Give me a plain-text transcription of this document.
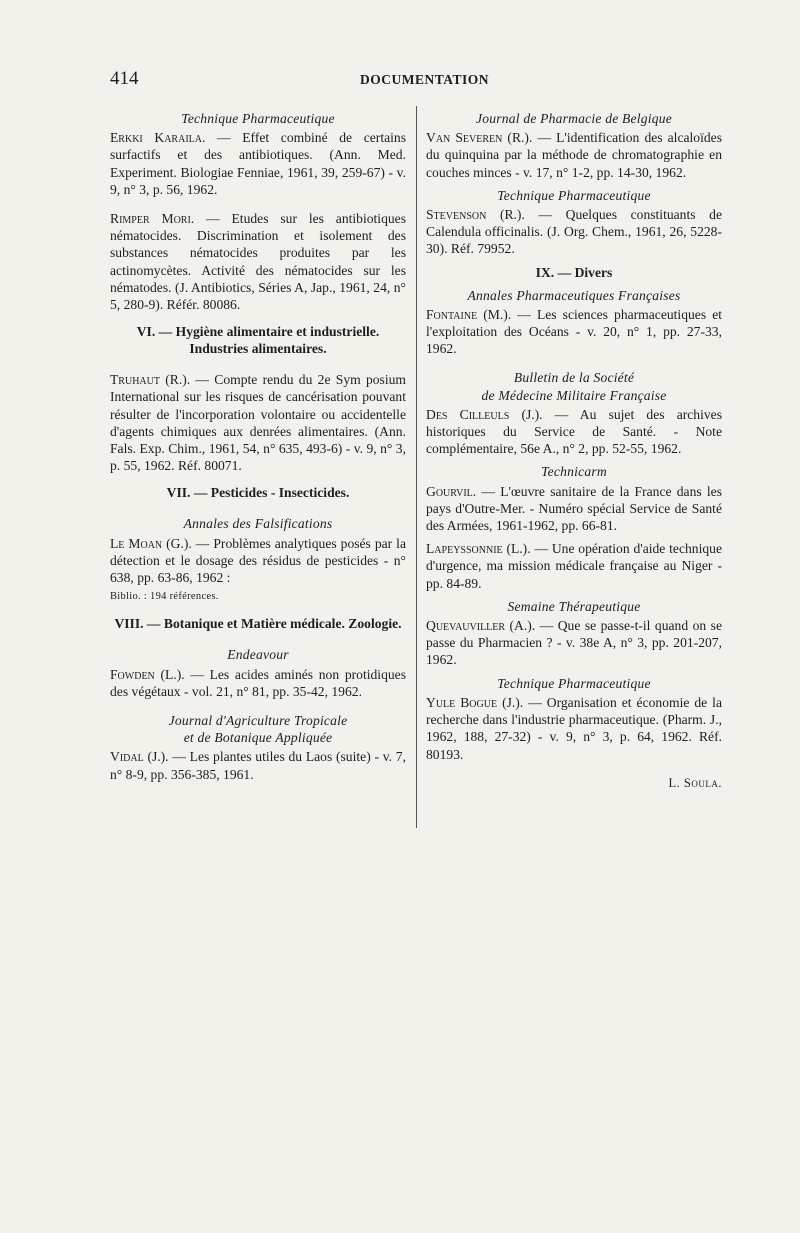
414	DOCUMENTATION
Technique Pharmaceutique
Erkki Karaila. — Effet combiné de certains surfactifs et des antibiotiques. (Ann. Med. Experiment. Biologiae Fenniae, 1961, 39, 259-67) - v. 9, n° 3, p. 56, 1962.
Rimper Mori. — Etudes sur les antibiotiques nématocides. Discrimination et isolement des substances nématocides produites par les actinomycètes. Activité des nématocides sur les nématodes. (J. Antibiotics, Séries A, Jap., 1961, 24, n° 5, 280-9). Référ. 80086.
VI. — Hygiène alimentaire et industrielle. Industries alimentaires.
Truhaut (R.). — Compte rendu du 2e Sym posium International sur les risques de cancérisation pouvant résulter de l'incorporation volontaire ou accidentelle d'agents chimiques aux denrées alimentaires. (Ann. Fals. Exp. Chim., 1961, 54, n° 635, 493-6) - v. 9, n° 3, p. 55, 1962. Réf. 80071.
VII. — Pesticides - Insecticides.
Annales des Falsifications
Le Moan (G.). — Problèmes analytiques posés par la détection et le dosage des résidus de pesticides - n° 638, pp. 63-86, 1962 :
Biblio. : 194 références.
VIII. — Botanique et Matière médicale. Zoologie.
Endeavour
Fowden (L.). — Les acides aminés non protidiques des végétaux - vol. 21, n° 81, pp. 35-42, 1962.
Journal d'Agriculture Tropicale
et de Botanique Appliquée
Vidal (J.). — Les plantes utiles du Laos (suite) - v. 7, n° 8-9, pp. 356-385, 1961.
Journal de Pharmacie de Belgique
Van Severen (R.). — L'identification des alcaloïdes du quinquina par la méthode de chromatographie en couches minces - v. 17, n° 1-2, pp. 14-30, 1962.
Technique Pharmaceutique
Stevenson (R.). — Quelques constituants de Calendula officinalis. (J. Org. Chem., 1961, 26, 5228-30). Réf. 79952.
IX. — Divers
Annales Pharmaceutiques Françaises
Fontaine (M.). — Les sciences pharmaceutiques et l'exploitation des Océans - v. 20, n° 1, pp. 27-33, 1962.
Bulletin de la Société
de Médecine Militaire Française
Des Cilleuls (J.). — Au sujet des archives historiques du Service de Santé. - Note complémentaire, 56e A., n° 2, pp. 52-55, 1962.
Technicarm
Gourvil. — L'œuvre sanitaire de la France dans les pays d'Outre-Mer. - Numéro spécial Service de Santé des Armées, 1961-1962, pp. 66-81.
Lapeyssonnie (L.). — Une opération d'aide technique d'urgence, ma mission médicale française au Niger - pp. 84-89.
Semaine Thérapeutique
Quevauviller (A.). — Que se passe-t-il quand on se passe du Pharmacien ? - v. 38e A, n° 3, pp. 201-207, 1962.
Technique Pharmaceutique
Yule Bogue (J.). — Organisation et économie de la recherche dans l'industrie pharmaceutique. (Pharm. J., 1962, 188, 27-32) - v. 9, n° 3, p. 64, 1962. Réf. 80193.
L. Soula.
